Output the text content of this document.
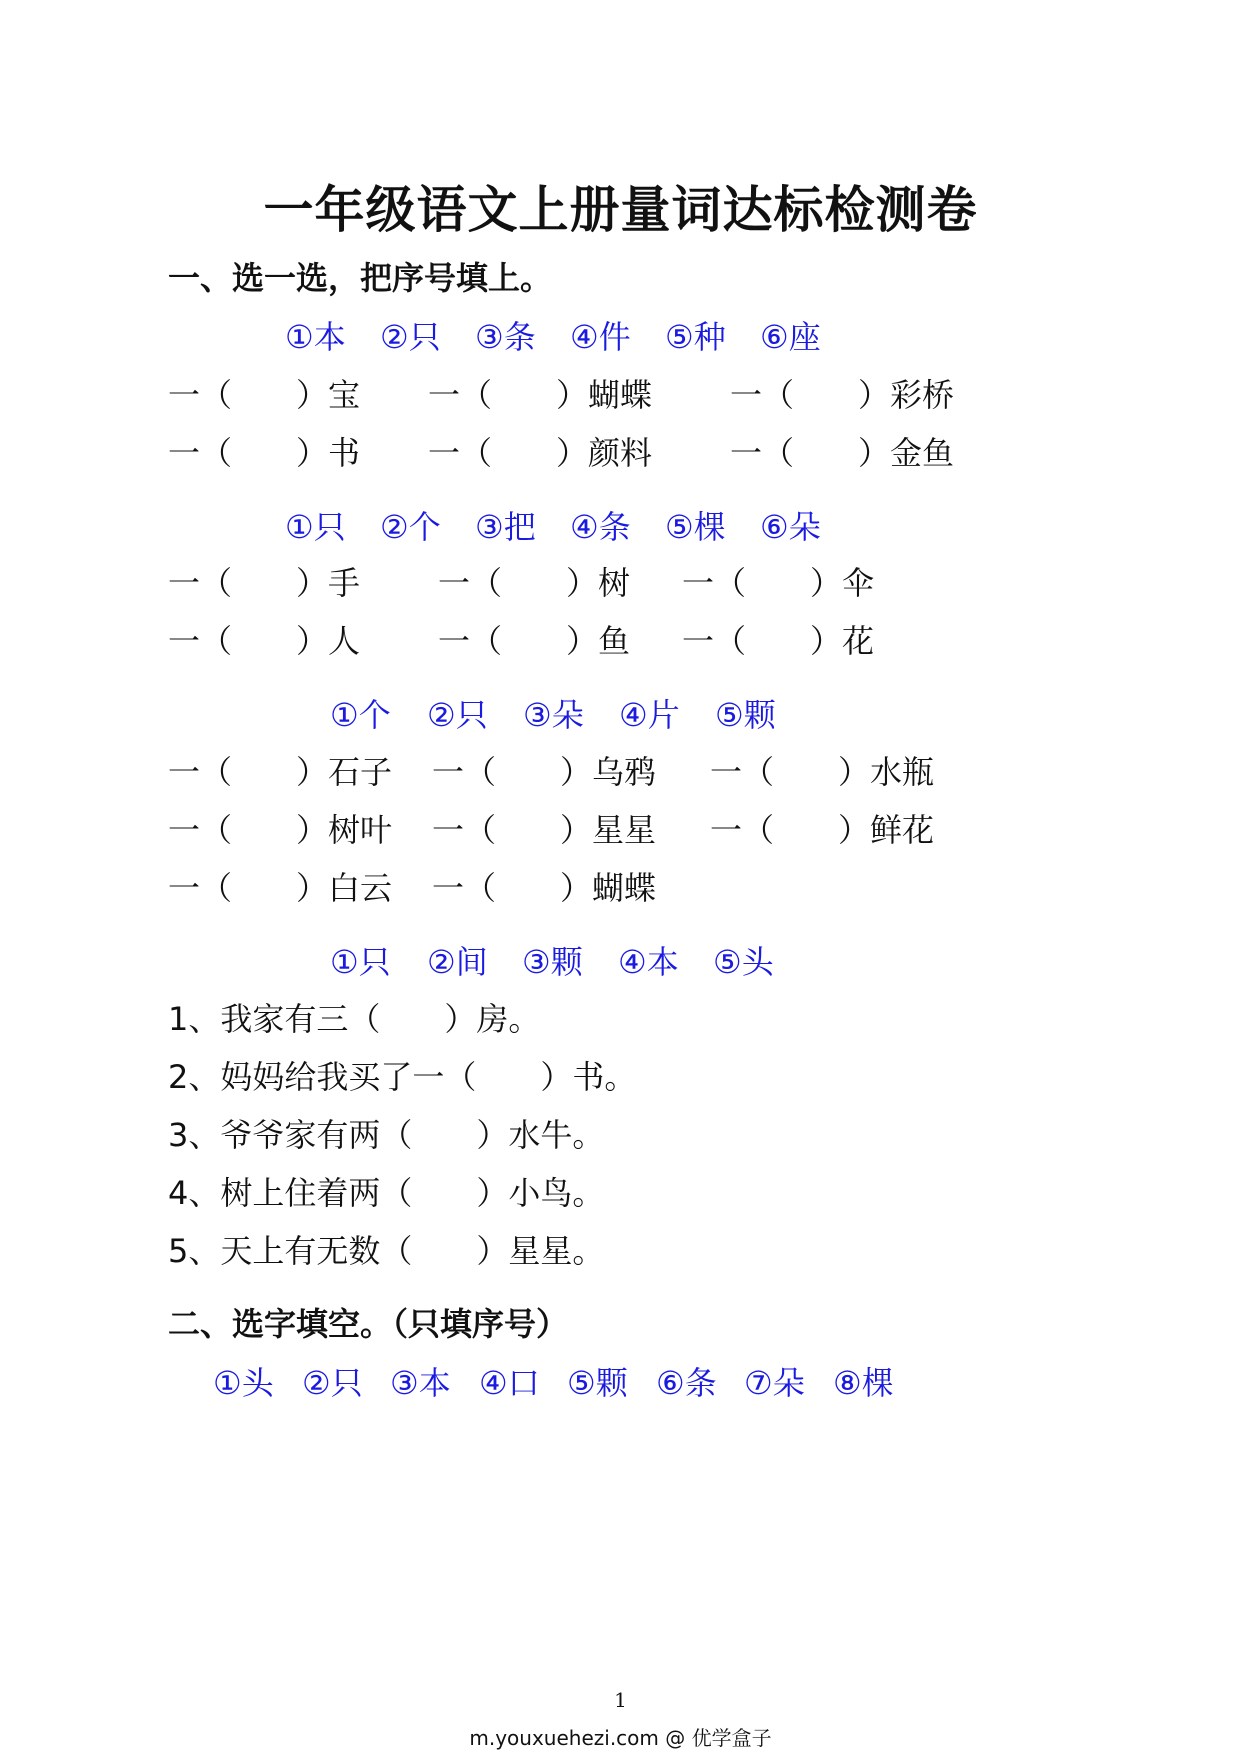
一年级语文上册量词达标检测卷
一、选一选，把序号填上。
①本 ②只 ③条 ④件 ⑤种 ⑥座
一（　　）宝 一（　　）蝴蝶 一（　　）彩桥
一（　　）书 一（　　）颜料 一（　　）金鱼
①只 ②个 ③把 ④条 ⑤棵 ⑥朵
一（　　）手 一（　　）树 一（　　）伞
一（　　）人 一（　　）鱼 一（　　）花
①个 ②只 ③朵 ④片 ⑤颗
一（　　）石子 一（　　）乌鸦 一（　　）水瓶
一（　　）树叶 一（　　）星星 一（　　）鲜花
一（　　）白云 一（　　）蝴蝶
①只 ②间 ③颗 ④本 ⑤头
1、我家有三（　　）房。
2、妈妈给我买了一（　　）书。
3、爷爷家有两（　　）水牛。
4、树上住着两（　　）小鸟。
5、天上有无数（　　）星星。
二、选字填空。（只填序号）
①头 ②只 ③本 ④口 ⑤颗 ⑥条 ⑦朵 ⑧棵
1
m.youxuehezi.com @ 优学盒子
